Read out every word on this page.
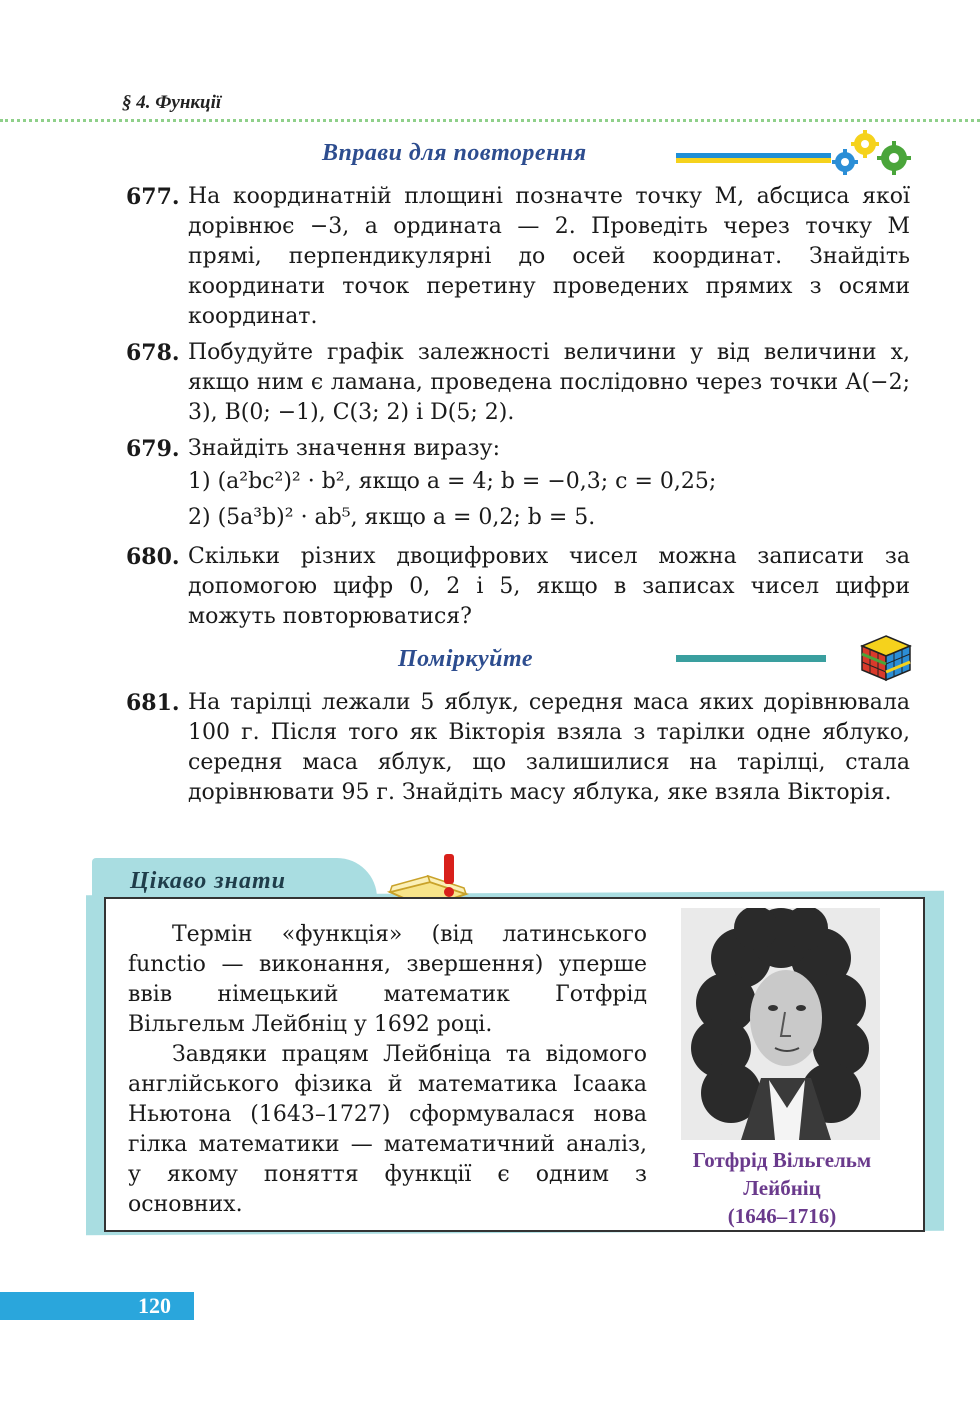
§ 4. Функції
Вправи для повторення
677. На координатній площині позначте точку M, абсциса якої дорівнює −3, а ордината — 2. Проведіть через точку M прямі, перпендикулярні до осей координат. Знайдіть координати точок перетину проведених прямих з осями координат.
678. Побудуйте графік залежності величини y від величини x, якщо ним є ламана, проведена послідовно через точки A(−2; 3), B(0; −1), C(3; 2) і D(5; 2).
679. Знайдіть значення виразу:
1) (a²bc²)² · b², якщо a = 4; b = −0,3; c = 0,25;
2) (5a³b)² · ab⁵, якщо a = 0,2; b = 5.
680. Скільки різних двоцифрових чисел можна записати за допомогою цифр 0, 2 і 5, якщо в записах чисел цифри можуть повторюватися?
Поміркуйте
681. На тарілці лежали 5 яблук, середня маса яких дорівнювала 100 г. Після того як Вікторія взяла з тарілки одне яблуко, середня маса яблук, що залишилися на тарілці, стала дорівнювати 95 г. Знайдіть масу яблука, яке взяла Вікторія.
Цікаво знати

Термін «функція» (від латинського functio — виконання, звершення) уперше ввів німецький математик Готфрід Вільгельм Лейбніц у 1692 році.

Завдяки працям Лейбніца та відомого англійського фізика й математика Ісаака Ньютона (1643–1727) сформувалася нова гілка математики — математичний аналіз, у якому поняття функції є одним з основних.

Готфрід Вільгельм
Лейбніц
(1646–1716)
120
